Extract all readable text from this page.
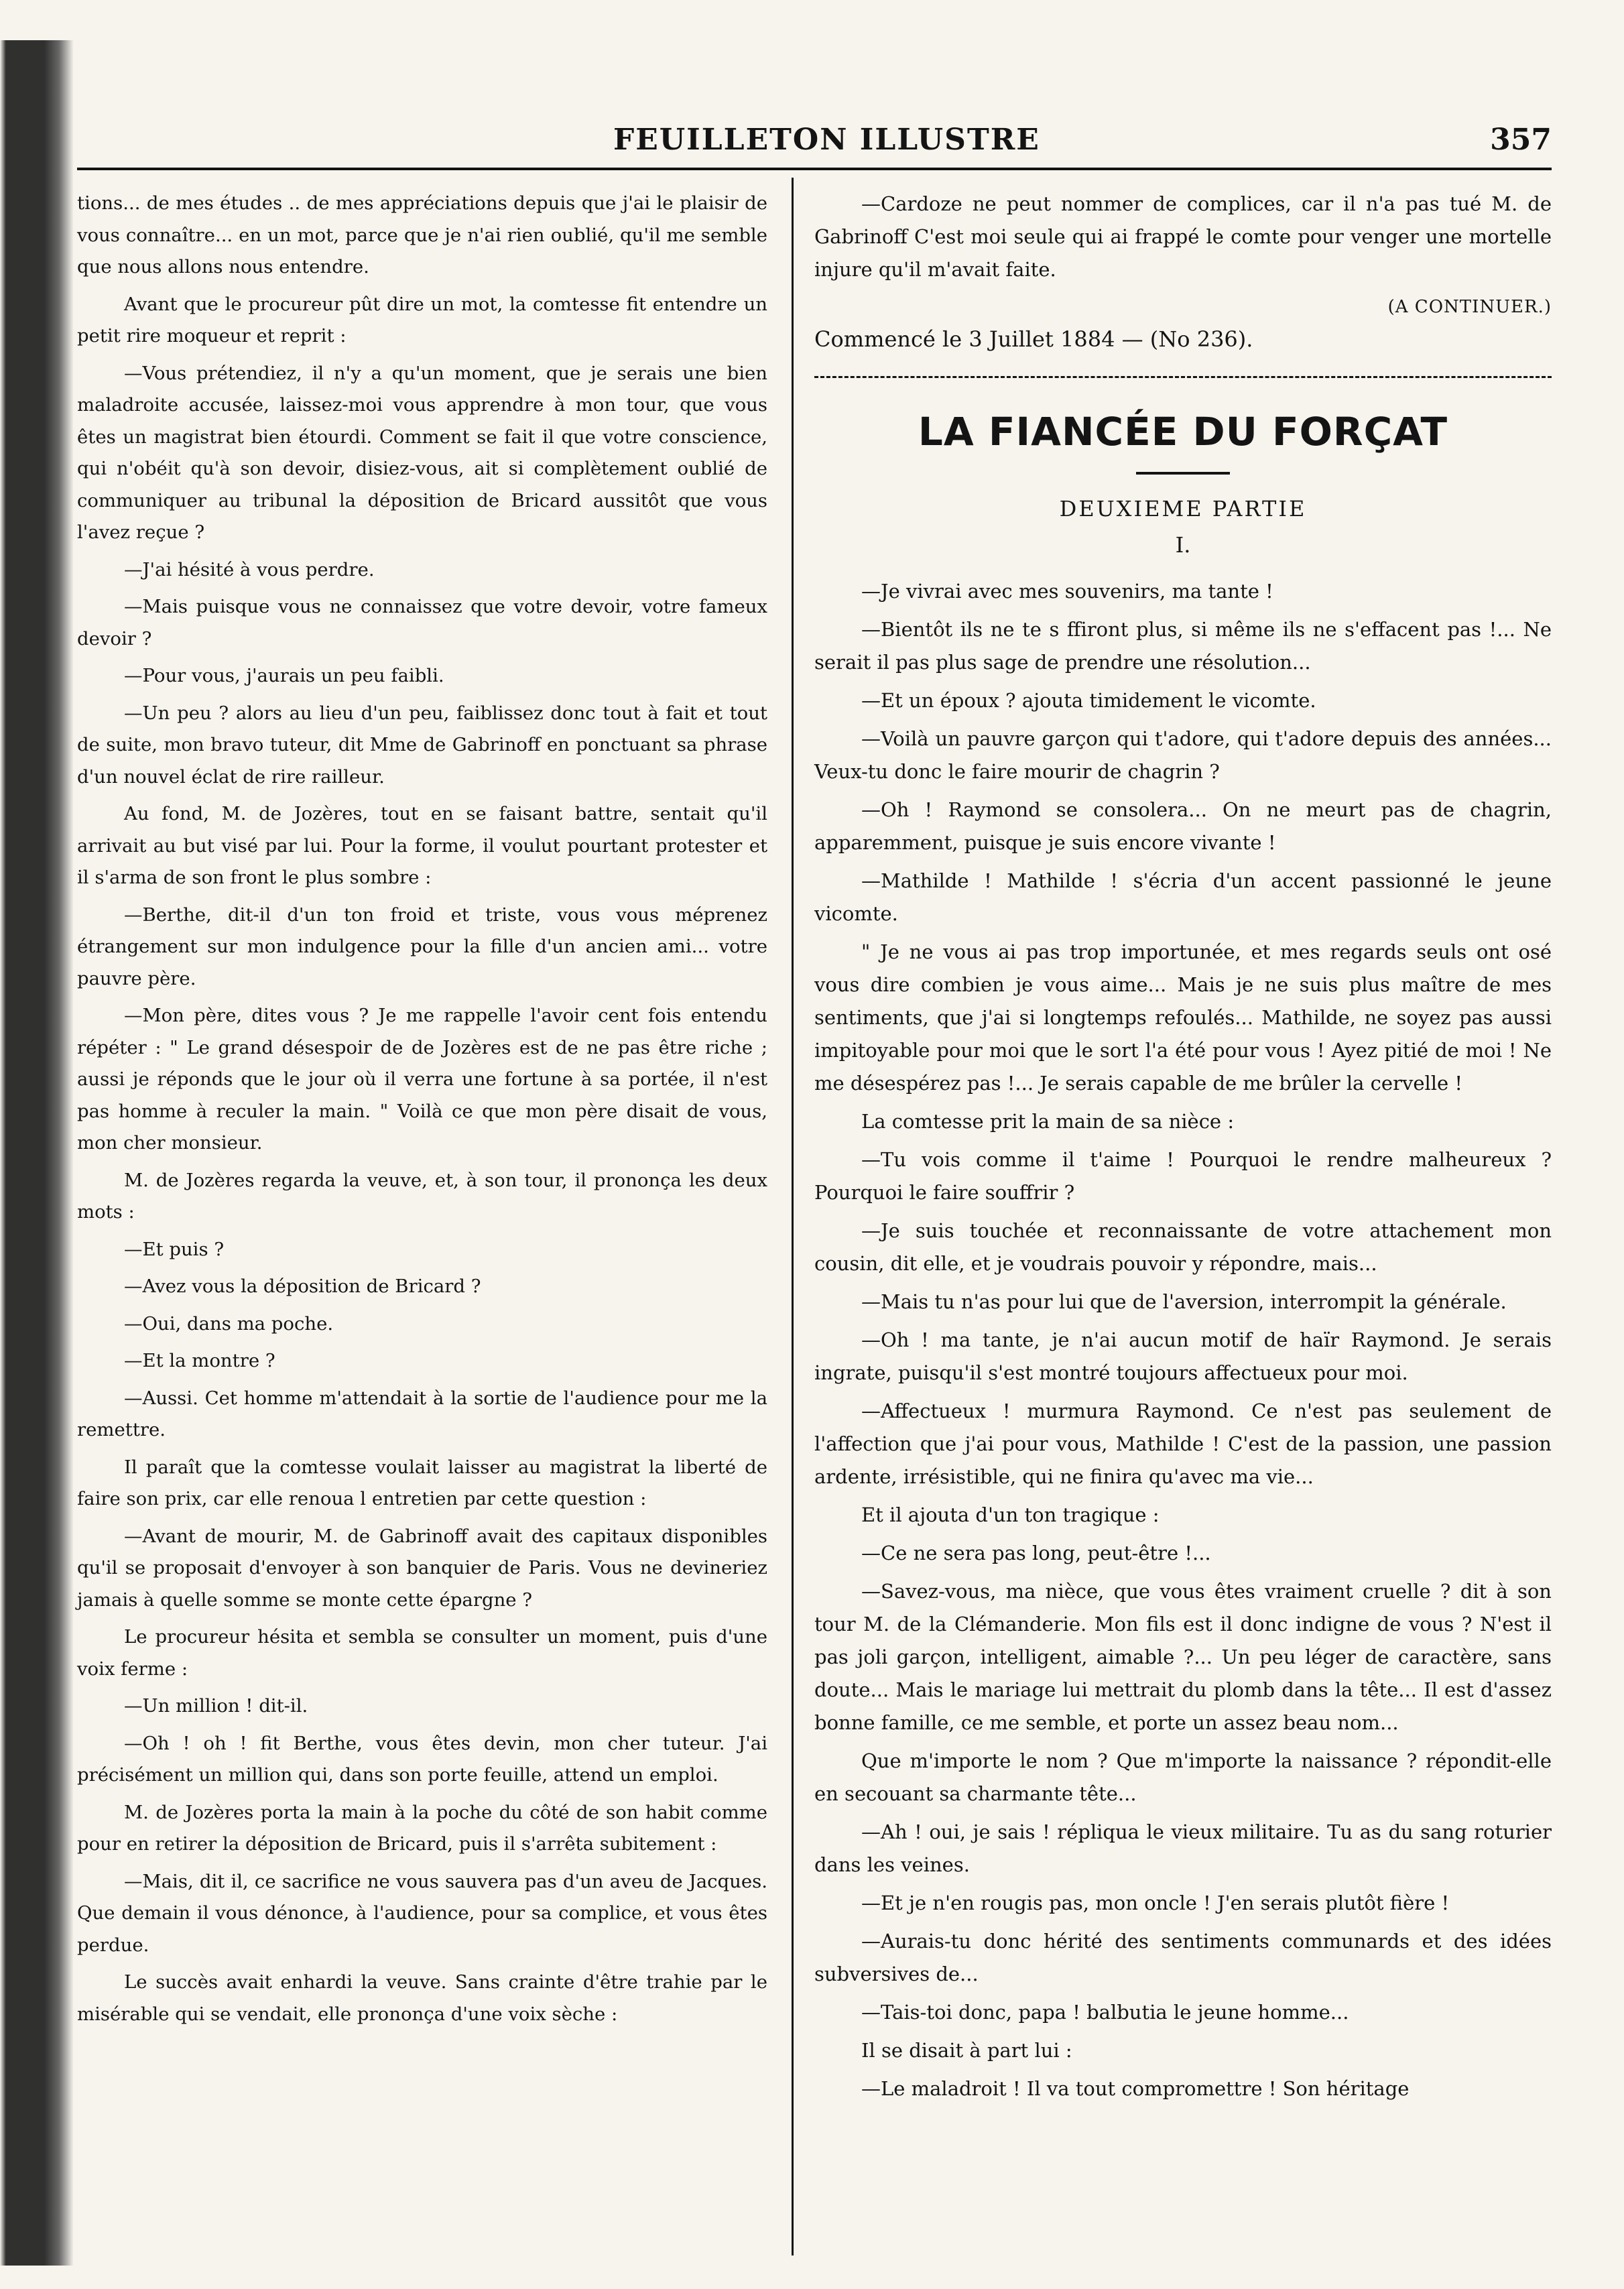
FEUILLETON ILLUSTRE	357

tions... de mes études .. de mes appréciations depuis que j'ai le plaisir de vous connaître... en un mot, parce que je n'ai rien oublié, qu'il me semble que nous allons nous entendre.

Avant que le procureur pût dire un mot, la comtesse fit entendre un petit rire moqueur et reprit :

—Vous prétendiez, il n'y a qu'un moment, que je serais une bien maladroite accusée, laissez-moi vous apprendre à mon tour, que vous êtes un magistrat bien étourdi. Comment se fait il que votre conscience, qui n'obéit qu'à son devoir, disiez-vous, ait si complètement oublié de communiquer au tribunal la déposition de Bricard aussitôt que vous l'avez reçue ?

—J'ai hésité à vous perdre.

—Mais puisque vous ne connaissez que votre devoir, votre fameux devoir ?

—Pour vous, j'aurais un peu faibli.

—Un peu ? alors au lieu d'un peu, faiblissez donc tout à fait et tout de suite, mon bravo tuteur, dit Mme de Gabrinoff en ponctuant sa phrase d'un nouvel éclat de rire railleur.

Au fond, M. de Jozères, tout en se faisant battre, sentait qu'il arrivait au but visé par lui. Pour la forme, il voulut pourtant protester et il s'arma de son front le plus sombre :

—Berthe, dit-il d'un ton froid et triste, vous vous méprenez étrangement sur mon indulgence pour la fille d'un ancien ami... votre pauvre père.

—Mon père, dites vous ? Je me rappelle l'avoir cent fois entendu répéter : " Le grand désespoir de de Jozères est de ne pas être riche ; aussi je réponds que le jour où il verra une fortune à sa portée, il n'est pas homme à reculer la main. " Voilà ce que mon père disait de vous, mon cher monsieur.

M. de Jozères regarda la veuve, et, à son tour, il prononça les deux mots :

—Et puis ?

—Avez vous la déposition de Bricard ?

—Oui, dans ma poche.

—Et la montre ?

—Aussi. Cet homme m'attendait à la sortie de l'audience pour me la remettre.

Il paraît que la comtesse voulait laisser au magistrat la liberté de faire son prix, car elle renoua l entretien par cette question :

—Avant de mourir, M. de Gabrinoff avait des capitaux disponibles qu'il se proposait d'envoyer à son banquier de Paris. Vous ne devineriez jamais à quelle somme se monte cette épargne ?

Le procureur hésita et sembla se consulter un moment, puis d'une voix ferme :

—Un million ! dit-il.

—Oh ! oh ! fit Berthe, vous êtes devin, mon cher tuteur. J'ai précisément un million qui, dans son porte feuille, attend un emploi.

M. de Jozères porta la main à la poche du côté de son habit comme pour en retirer la déposition de Bricard, puis il s'arrêta subitement :

—Mais, dit il, ce sacrifice ne vous sauvera pas d'un aveu de Jacques. Que demain il vous dénonce, à l'audience, pour sa complice, et vous êtes perdue.

Le succès avait enhardi la veuve. Sans crainte d'être trahie par le misérable qui se vendait, elle prononça d'une voix sèche :

—Cardoze ne peut nommer de complices, car il n'a pas tué M. de Gabrinoff C'est moi seule qui ai frappé le comte pour venger une mortelle injure qu'il m'avait faite.

(A CONTINUER.)

Commencé le 3 Juillet 1884 — (No 236).

LA FIANCÉE DU FORÇAT

DEUXIEME PARTIE

I.

—Je vivrai avec mes souvenirs, ma tante !

—Bientôt ils ne te s ffiront plus, si même ils ne s'effacent pas !... Ne serait il pas plus sage de prendre une résolution...

—Et un époux ? ajouta timidement le vicomte.

—Voilà un pauvre garçon qui t'adore, qui t'adore depuis des années... Veux-tu donc le faire mourir de chagrin ?

—Oh ! Raymond se consolera... On ne meurt pas de chagrin, apparemment, puisque je suis encore vivante !

—Mathilde ! Mathilde ! s'écria d'un accent passionné le jeune vicomte.

" Je ne vous ai pas trop importunée, et mes regards seuls ont osé vous dire combien je vous aime... Mais je ne suis plus maître de mes sentiments, que j'ai si longtemps refoulés... Mathilde, ne soyez pas aussi impitoyable pour moi que le sort l'a été pour vous ! Ayez pitié de moi ! Ne me désespérez pas !... Je serais capable de me brûler la cervelle !

La comtesse prit la main de sa nièce :

—Tu vois comme il t'aime ! Pourquoi le rendre malheureux ? Pourquoi le faire souffrir ?

—Je suis touchée et reconnaissante de votre attachement mon cousin, dit elle, et je voudrais pouvoir y répondre, mais...

—Mais tu n'as pour lui que de l'aversion, interrompit la générale.

—Oh ! ma tante, je n'ai aucun motif de haïr Raymond. Je serais ingrate, puisqu'il s'est montré toujours affectueux pour moi.

—Affectueux ! murmura Raymond. Ce n'est pas seulement de l'affection que j'ai pour vous, Mathilde ! C'est de la passion, une passion ardente, irrésistible, qui ne finira qu'avec ma vie...

Et il ajouta d'un ton tragique :

—Ce ne sera pas long, peut-être !...

—Savez-vous, ma nièce, que vous êtes vraiment cruelle ? dit à son tour M. de la Clémanderie. Mon fils est il donc indigne de vous ? N'est il pas joli garçon, intelligent, aimable ?... Un peu léger de caractère, sans doute... Mais le mariage lui mettrait du plomb dans la tête... Il est d'assez bonne famille, ce me semble, et porte un assez beau nom...

Que m'importe le nom ? Que m'importe la naissance ? répondit-elle en secouant sa charmante tête...

—Ah ! oui, je sais ! répliqua le vieux militaire. Tu as du sang roturier dans les veines.

—Et je n'en rougis pas, mon oncle ! J'en serais plutôt fière !

—Aurais-tu donc hérité des sentiments communards et des idées subversives de...

—Tais-toi donc, papa ! balbutia le jeune homme...

Il se disait à part lui :

—Le maladroit ! Il va tout compromettre ! Son héritage
